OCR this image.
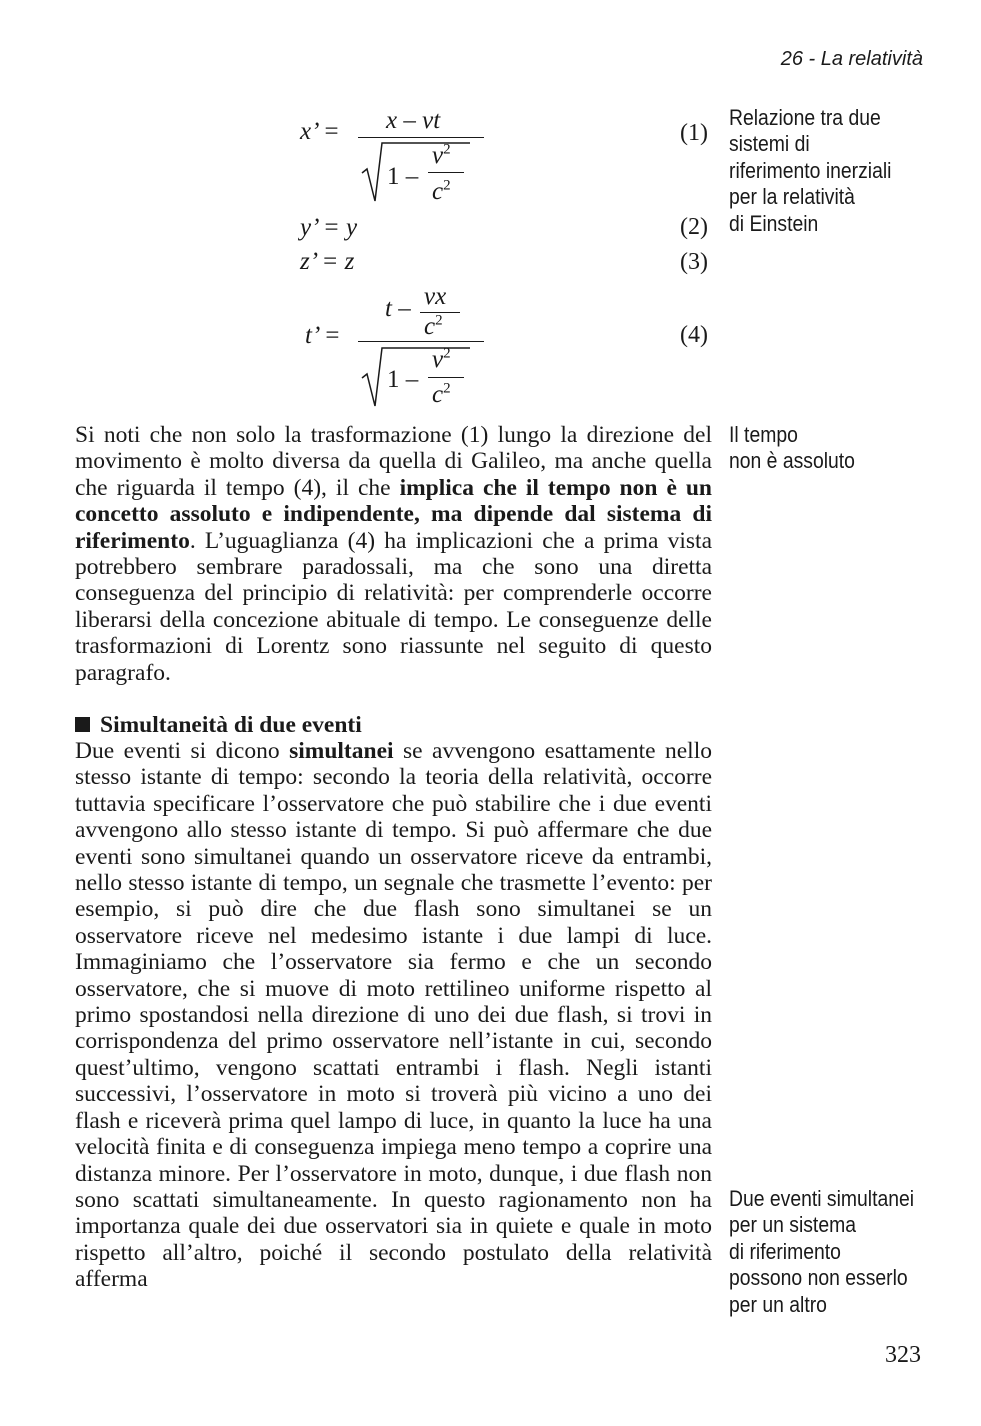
26 - La relatività
x’ = x – vt
1 –
$v^2$
$c^2$
(1)
y’ = y	(2)
z’ = z	(3)
t’ =
t – vx
$c^2$
1 –
$v^2$
$c^2$
(4)
Relazione tra due
sistemi di
riferimento inerziali
per la relatività
di Einstein
Il tempo
non è assoluto
Due eventi simultanei
per un sistema
di riferimento
possono non esserlo
per un altro

Si noti che non solo la trasformazione (1) lungo la direzione del movimento è molto diversa da quella di Galileo, ma anche quella che riguarda il tempo (4), il che implica che il tempo non è un concetto assoluto e indipendente, ma dipende dal sistema di riferimento. L’uguaglianza (4) ha implicazioni che a prima vista potrebbero sembrare paradossali, ma che sono una diretta conseguenza del principio di relatività: per comprenderle occorre liberarsi della concezione abituale di tempo. Le conseguenze delle trasformazioni di Lorentz sono riassunte nel seguito di questo paragrafo.

Simultaneità di due eventi

Due eventi si dicono simultanei se avvengono esattamente nello stesso istante di tempo: secondo la teoria della relatività, occorre tuttavia specificare l’osservatore che può stabilire che i due eventi avvengono allo stesso istante di tempo. Si può affermare che due eventi sono simultanei quando un osservatore riceve da entrambi, nello stesso istante di tempo, un segnale che trasmette l’evento: per esempio, si può dire che due flash sono simultanei se un osservatore riceve nel medesimo istante i due lampi di luce. Immaginiamo che l’osservatore sia fermo e che un secondo osservatore, che si muove di moto rettilineo uniforme rispetto al primo spostandosi nella direzione di uno dei due flash, si trovi in corrispondenza del primo osservatore nell’istante in cui, secondo quest’ultimo, vengono scattati entrambi i flash. Negli istanti successivi, l’osservatore in moto si troverà più vicino a uno dei flash e riceverà prima quel lampo di luce, in quanto la luce ha una velocità finita e di conseguenza impiega meno tempo a coprire una distanza minore. Per l’osservatore in moto, dunque, i due flash non sono scattati simultaneamente. In questo ragionamento non ha importanza quale dei due osservatori sia in quiete e quale in moto rispetto all’altro, poiché il secondo postulato della relatività afferma

323
